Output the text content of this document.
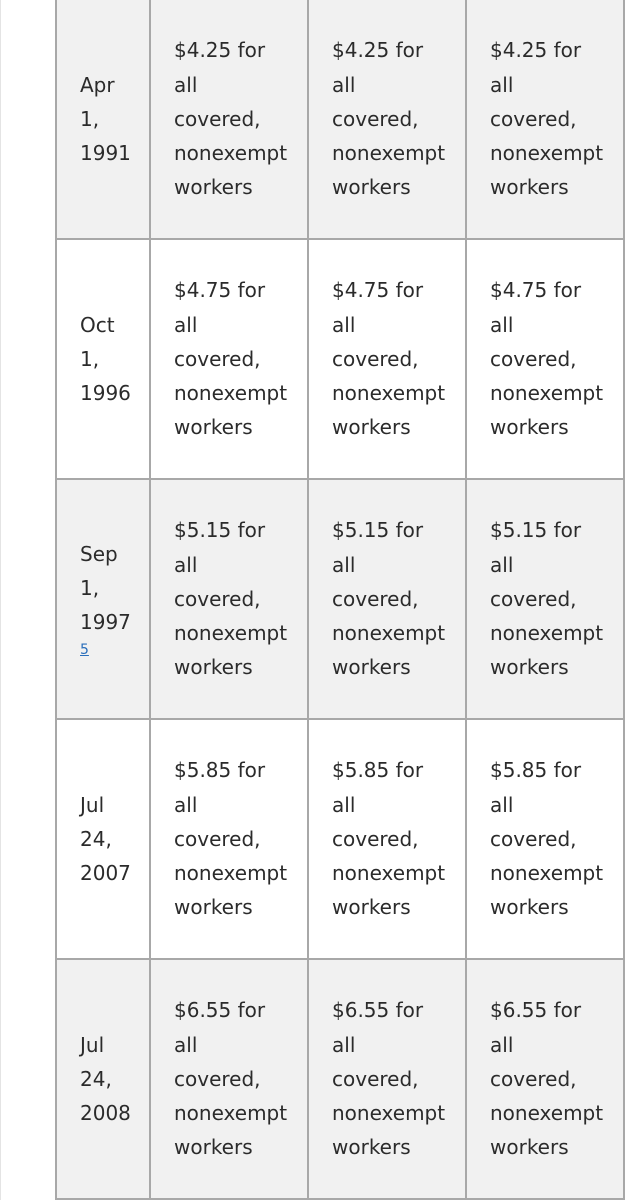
Apr
1,
1991	$4.25 for
all
covered,
nonexempt
workers	$4.25 for
all
covered,
nonexempt
workers	$4.25 for
all
covered,
nonexempt
workers

Oct
1,
1996	$4.75 for
all
covered,
nonexempt
workers	$4.75 for
all
covered,
nonexempt
workers	$4.75 for
all
covered,
nonexempt
workers

Sep
1,
1997
5	$5.15 for
all
covered,
nonexempt
workers	$5.15 for
all
covered,
nonexempt
workers	$5.15 for
all
covered,
nonexempt
workers

Jul
24,
2007	$5.85 for
all
covered,
nonexempt
workers	$5.85 for
all
covered,
nonexempt
workers	$5.85 for
all
covered,
nonexempt
workers

Jul
24,
2008	$6.55 for
all
covered,
nonexempt
workers	$6.55 for
all
covered,
nonexempt
workers	$6.55 for
all
covered,
nonexempt
workers
